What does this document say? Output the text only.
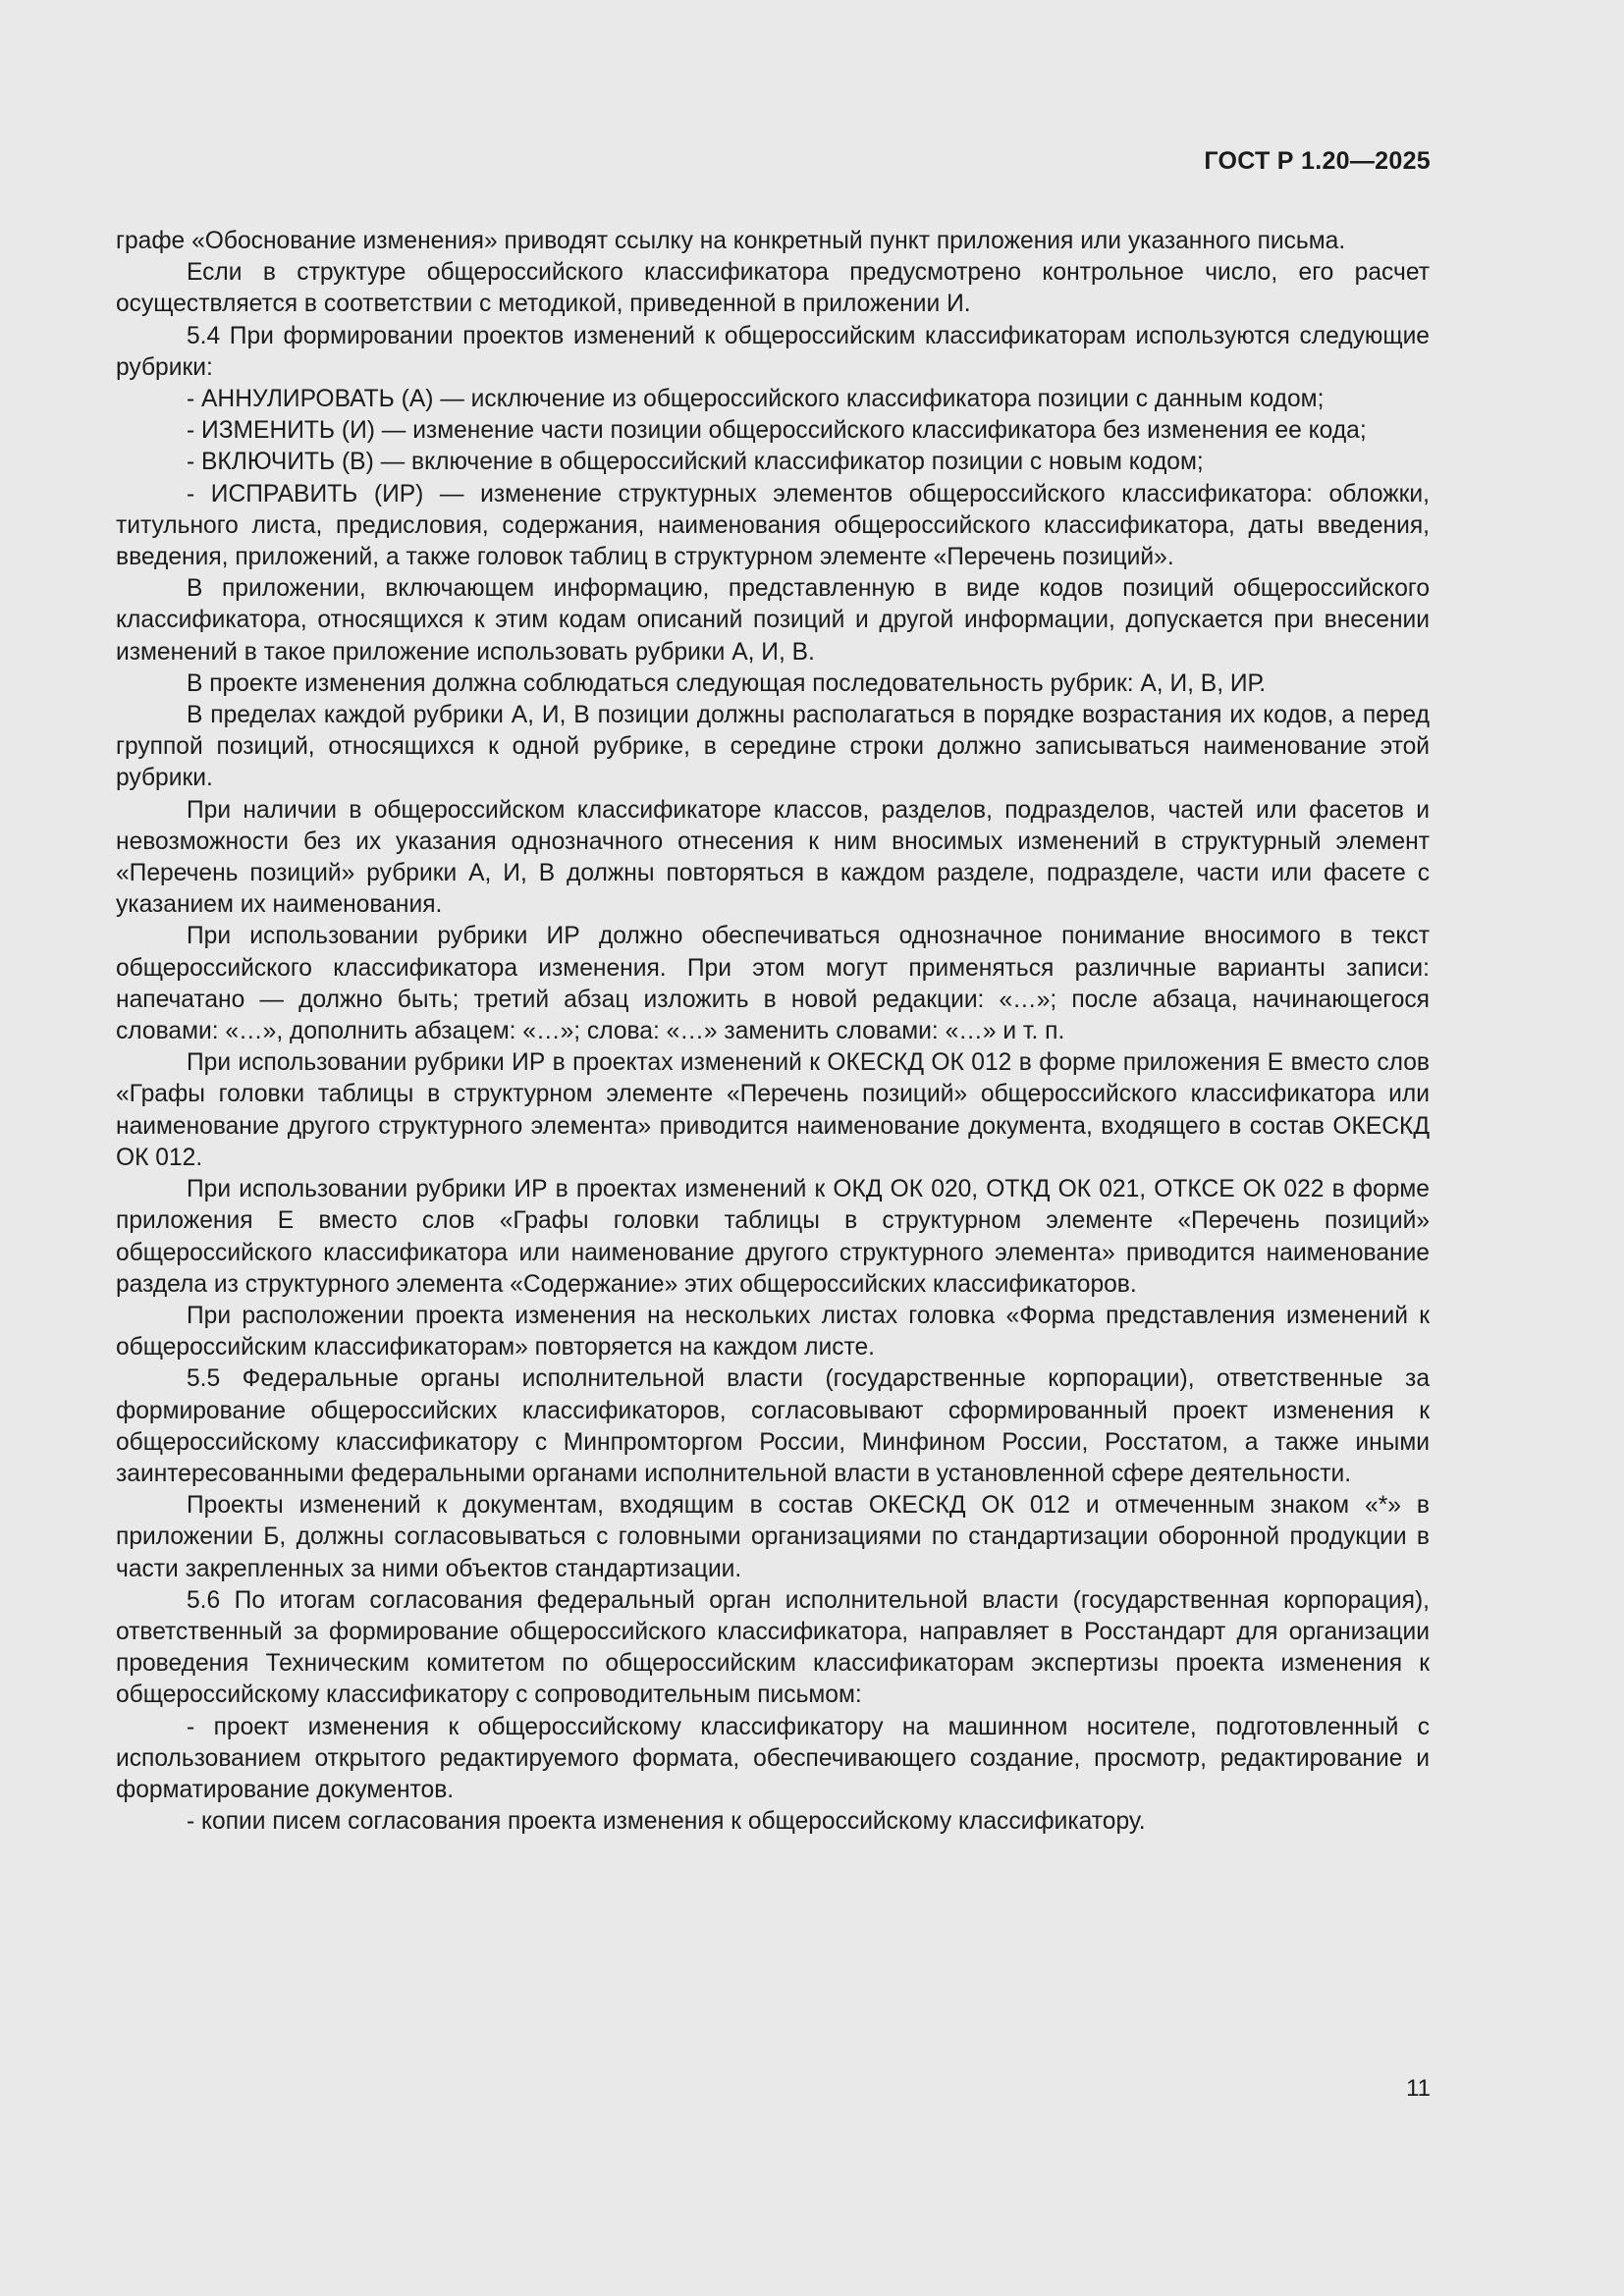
ГОСТ Р 1.20—2025

графе «Обоснование изменения» приводят ссылку на конкретный пункт приложения или указанного письма.

Если в структуре общероссийского классификатора предусмотрено контрольное число, его расчет осуществляется в соответствии с методикой, приведенной в приложении И.

5.4 При формировании проектов изменений к общероссийским классификаторам используются следующие рубрики:

- АННУЛИРОВАТЬ (А) — исключение из общероссийского классификатора позиции с данным кодом;

- ИЗМЕНИТЬ (И) — изменение части позиции общероссийского классификатора без изменения ее кода;

- ВКЛЮЧИТЬ (В) — включение в общероссийский классификатор позиции с новым кодом;

- ИСПРАВИТЬ (ИР) — изменение структурных элементов общероссийского классификатора: обложки, титульного листа, предисловия, содержания, наименования общероссийского классификатора, даты введения, введения, приложений, а также головок таблиц в структурном элементе «Перечень позиций».

В приложении, включающем информацию, представленную в виде кодов позиций общероссийского классификатора, относящихся к этим кодам описаний позиций и другой информации, допускается при внесении изменений в такое приложение использовать рубрики А, И, В.

В проекте изменения должна соблюдаться следующая последовательность рубрик: А, И, В, ИР.

В пределах каждой рубрики А, И, В позиции должны располагаться в порядке возрастания их кодов, а перед группой позиций, относящихся к одной рубрике, в середине строки должно записываться наименование этой рубрики.

При наличии в общероссийском классификаторе классов, разделов, подразделов, частей или фасетов и невозможности без их указания однозначного отнесения к ним вносимых изменений в структурный элемент «Перечень позиций» рубрики А, И, В должны повторяться в каждом разделе, подразделе, части или фасете с указанием их наименования.

При использовании рубрики ИР должно обеспечиваться однозначное понимание вносимого в текст общероссийского классификатора изменения. При этом могут применяться различные варианты записи: напечатано — должно быть; третий абзац изложить в новой редакции: «…»; после абзаца, начинающегося словами: «…», дополнить абзацем: «…»; слова: «…» заменить словами: «…» и т. п.

При использовании рубрики ИР в проектах изменений к ОКЕСКД ОК 012 в форме приложения Е вместо слов «Графы головки таблицы в структурном элементе «Перечень позиций» общероссийского классификатора или наименование другого структурного элемента» приводится наименование документа, входящего в состав ОКЕСКД ОК 012.

При использовании рубрики ИР в проектах изменений к ОКД ОК 020, ОТКД ОК 021, ОТКСЕ ОК 022 в форме приложения Е вместо слов «Графы головки таблицы в структурном элементе «Перечень позиций» общероссийского классификатора или наименование другого структурного элемента» приводится наименование раздела из структурного элемента «Содержание» этих общероссийских классификаторов.

При расположении проекта изменения на нескольких листах головка «Форма представления изменений к общероссийским классификаторам» повторяется на каждом листе.

5.5 Федеральные органы исполнительной власти (государственные корпорации), ответственные за формирование общероссийских классификаторов, согласовывают сформированный проект изменения к общероссийскому классификатору с Минпромторгом России, Минфином России, Росстатом, а также иными заинтересованными федеральными органами исполнительной власти в установленной сфере деятельности.

Проекты изменений к документам, входящим в состав ОКЕСКД ОК 012 и отмеченным знаком «*» в приложении Б, должны согласовываться с головными организациями по стандартизации оборонной продукции в части закрепленных за ними объектов стандартизации.

5.6 По итогам согласования федеральный орган исполнительной власти (государственная корпорация), ответственный за формирование общероссийского классификатора, направляет в Росстандарт для организации проведения Техническим комитетом по общероссийским классификаторам экспертизы проекта изменения к общероссийскому классификатору с сопроводительным письмом:

- проект изменения к общероссийскому классификатору на машинном носителе, подготовленный с использованием открытого редактируемого формата, обеспечивающего создание, просмотр, редактирование и форматирование документов.

- копии писем согласования проекта изменения к общероссийскому классификатору.

11
